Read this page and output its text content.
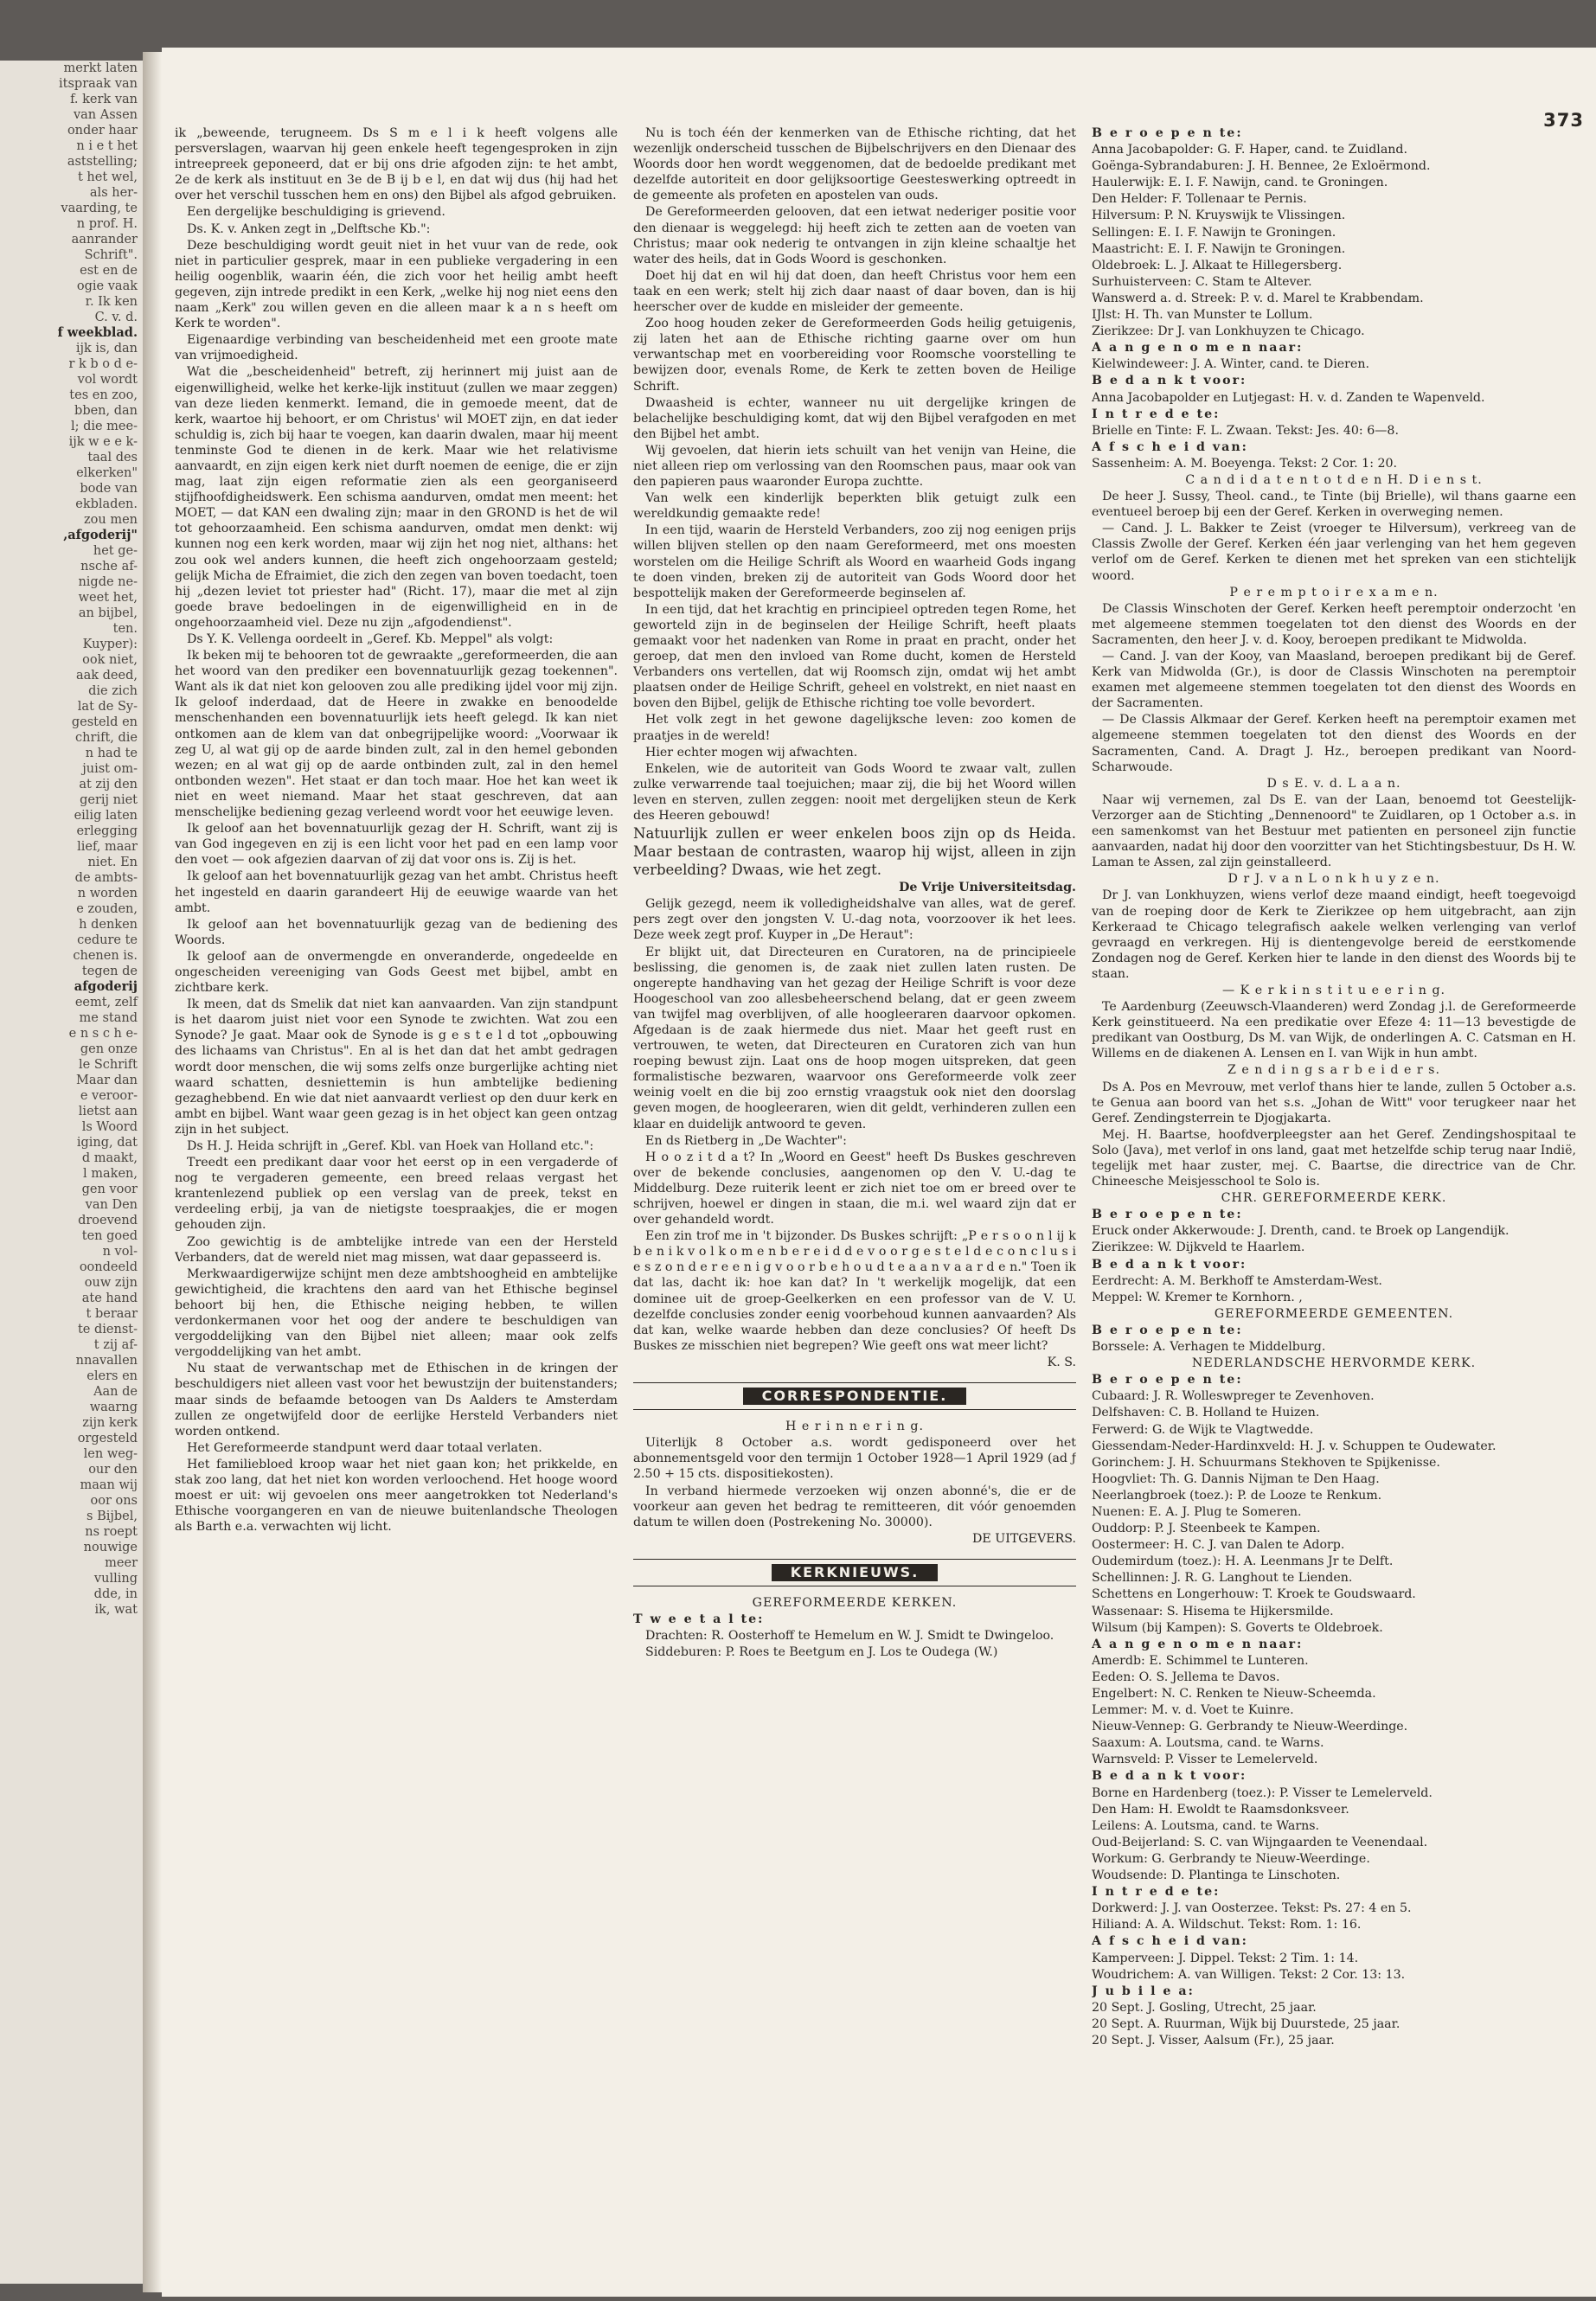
merkt laten

itspraak van

f. kerk van

van Assen

onder haar

n i e t het

aststelling;

t het wel,

als her-

vaarding, te

n prof. H.

aanrander

Schrift".

est en de

ogie vaak

r. Ik ken

C. v. d.

f weekblad.

ijk is, dan

r k b o d e-

vol wordt

tes en zoo,

bben, dan

l; die mee-

ijk w e e k-

taal des

elkerken"

bode van

ekbladen.

zou men

,afgoderij"

het ge-

nsche af-

nigde ne-

weet het,

an bijbel,

ten.

Kuyper):

ook niet,

aak deed,

die zich

lat de Sy-

gesteld en

chrift, die

n had te

juist om-

at zij den

gerij niet

eilig laten

erlegging

lief, maar

niet. En

de ambts-

n worden

e zouden,

h denken

cedure te

chenen is.

tegen de

afgoderij

eemt, zelf

me stand

e n s c h e-

gen onze

le Schrift

Maar dan

e veroor-

lietst aan

ls Woord

iging, dat

d maakt,

l maken,

gen voor

van Den

droevend

ten goed

n vol-

oondeeld

ouw zijn

ate hand

t beraar

te dienst-

t zij af-

nnavallen

elers en

Aan de

waarng

zijn kerk

orgesteld

len weg-

our den

maan wij

oor ons

s Bijbel,

ns roept

nouwige

meer

vulling

dde, in

ik, wat

373

ik „beweende, terugneem. Ds S m e l i k heeft volgens alle persverslagen, waarvan hij geen enkele heeft tegengesproken in zijn intreepreek geponeerd, dat er bij ons drie afgoden zijn: te het ambt, 2e de kerk als instituut en 3e de B ij b e l, en dat wij dus (hij had het over het verschil tusschen hem en ons) den Bijbel als afgod gebruiken.

Een dergelijke beschuldiging is grievend.

Ds. K. v. Anken zegt in „Delftsche Kb.":

Deze beschuldiging wordt geuit niet in het vuur van de rede, ook niet in particulier gesprek, maar in een publieke vergadering in een heilig oogenblik, waarin één, die zich voor het heilig ambt heeft gegeven, zijn intrede predikt in een Kerk, „welke hij nog niet eens den naam „Kerk" zou willen geven en die alleen maar k a n s heeft om Kerk te worden".

Eigenaardige verbinding van bescheidenheid met een groote mate van vrijmoedigheid.

Wat die „bescheidenheid" betreft, zij herinnert mij juist aan de eigenwilligheid, welke het kerke-lijk instituut (zullen we maar zeggen) van deze lieden kenmerkt. Iemand, die in gemoede meent, dat de kerk, waartoe hij behoort, er om Christus' wil MOET zijn, en dat ieder schuldig is, zich bij haar te voegen, kan daarin dwalen, maar hij meent tenminste God te dienen in de kerk. Maar wie het relativisme aanvaardt, en zijn eigen kerk niet durft noemen de eenige, die er zijn mag, laat zijn eigen reformatie zien als een georganiseerd stijfhoofdigheidswerk. Een schisma aandurven, omdat men meent: het MOET, — dat KAN een dwaling zijn; maar in den GROND is het de wil tot gehoorzaamheid. Een schisma aandurven, omdat men denkt: wij kunnen nog een kerk worden, maar wij zijn het nog niet, althans: het zou ook wel anders kunnen, die heeft zich ongehoorzaam gesteld; gelijk Micha de Efraimiet, die zich den zegen van boven toedacht, toen hij „dezen leviet tot priester had" (Richt. 17), maar die met al zijn goede brave bedoelingen in de eigenwilligheid en in de ongehoorzaamheid viel. Deze nu zijn „afgodendienst".

Ds Y. K. Vellenga oordeelt in „Geref. Kb. Meppel" als volgt:

Ik beken mij te behooren tot de gewraakte „gereformeerden, die aan het woord van den prediker een bovennatuurlijk gezag toekennen". Want als ik dat niet kon gelooven zou alle prediking ijdel voor mij zijn. Ik geloof inderdaad, dat de Heere in zwakke en benoodelde menschenhanden een bovennatuurlijk iets heeft gelegd. Ik kan niet ontkomen aan de klem van dat onbegrijpelijke woord: „Voorwaar ik zeg U, al wat gij op de aarde binden zult, zal in den hemel gebonden wezen; en al wat gij op de aarde ontbinden zult, zal in den hemel ontbonden wezen". Het staat er dan toch maar. Hoe het kan weet ik niet en weet niemand. Maar het staat geschreven, dat aan menschelijke bediening gezag verleend wordt voor het eeuwige leven.

Ik geloof aan het bovennatuurlijk gezag der H. Schrift, want zij is van God ingegeven en zij is een licht voor het pad en een lamp voor den voet — ook afgezien daarvan of zij dat voor ons is. Zij is het.

Ik geloof aan het bovennatuurlijk gezag van het ambt. Christus heeft het ingesteld en daarin garandeert Hij de eeuwige waarde van het ambt.

Ik geloof aan het bovennatuurlijk gezag van de bediening des Woords.

Ik geloof aan de onvermengde en onveranderde, ongedeelde en ongescheiden vereeniging van Gods Geest met bijbel, ambt en zichtbare kerk.

Ik meen, dat ds Smelik dat niet kan aanvaarden. Van zijn standpunt is het daarom juist niet voor een Synode te zwichten. Wat zou een Synode? Je gaat. Maar ook de Synode is g e s t e l d tot „opbouwing des lichaams van Christus". En al is het dan dat het ambt gedragen wordt door menschen, die wij soms zelfs onze burgerlijke achting niet waard schatten, desniettemin is hun ambtelijke bediening gezaghebbend. En wie dat niet aanvaardt verliest op den duur kerk en ambt en bijbel. Want waar geen gezag is in het object kan geen ontzag zijn in het subject.

Ds H. J. Heida schrijft in „Geref. Kbl. van Hoek van Holland etc.":

Treedt een predikant daar voor het eerst op in een vergaderde of nog te vergaderen gemeente, een breed relaas vergast het krantenlezend publiek op een verslag van de preek, tekst en verdeeling erbij, ja van de nietigste toespraakjes, die er mogen gehouden zijn.

Zoo gewichtig is de ambtelijke intrede van een der Hersteld Verbanders, dat de wereld niet mag missen, wat daar gepasseerd is.

Merkwaardigerwijze schijnt men deze ambtshoogheid en ambtelijke gewichtigheid, die krachtens den aard van het Ethische beginsel behoort bij hen, die Ethische neiging hebben, te willen verdonkermanen voor het oog der andere te beschuldigen van vergoddelijking van den Bijbel niet alleen; maar ook zelfs vergoddelijking van het ambt.

Nu staat de verwantschap met de Ethischen in de kringen der beschuldigers niet alleen vast voor het bewustzijn der buitenstanders; maar sinds de befaamde betoogen van Ds Aalders te Amsterdam zullen ze ongetwijfeld door de eerlijke Hersteld Verbanders niet worden ontkend.

Het Gereformeerde standpunt werd daar totaal verlaten.

Het familiebloed kroop waar het niet gaan kon; het prikkelde, en stak zoo lang, dat het niet kon worden verloochend. Het hooge woord moest er uit: wij gevoelen ons meer aangetrokken tot Nederland's Ethische voorgangeren en van de nieuwe buitenlandsche Theologen als Barth e.a. verwachten wij licht.

Nu is toch één der kenmerken van de Ethische richting, dat het wezenlijk onderscheid tusschen de Bijbelschrijvers en den Dienaar des Woords door hen wordt weggenomen, dat de bedoelde predikant met dezelfde autoriteit en door gelijksoortige Geesteswerking optreedt in de gemeente als profeten en apostelen van ouds.

De Gereformeerden gelooven, dat een ietwat nederiger positie voor den dienaar is weggelegd: hij heeft zich te zetten aan de voeten van Christus; maar ook nederig te ontvangen in zijn kleine schaaltje het water des heils, dat in Gods Woord is geschonken.

Doet hij dat en wil hij dat doen, dan heeft Christus voor hem een taak en een werk; stelt hij zich daar naast of daar boven, dan is hij heerscher over de kudde en misleider der gemeente.

Zoo hoog houden zeker de Gereformeerden Gods heilig getuigenis, zij laten het aan de Ethische richting gaarne over om hun verwantschap met en voorbereiding voor Roomsche voorstelling te bewijzen door, evenals Rome, de Kerk te zetten boven de Heilige Schrift.

Dwaasheid is echter, wanneer nu uit dergelijke kringen de belachelijke beschuldiging komt, dat wij den Bijbel verafgoden en met den Bijbel het ambt.

Wij gevoelen, dat hierin iets schuilt van het venijn van Heine, die niet alleen riep om verlossing van den Roomschen paus, maar ook van den papieren paus waaronder Europa zuchtte.

Van welk een kinderlijk beperkten blik getuigt zulk een wereldkundig gemaakte rede!

In een tijd, waarin de Hersteld Verbanders, zoo zij nog eenigen prijs willen blijven stellen op den naam Gereformeerd, met ons moesten worstelen om die Heilige Schrift als Woord en waarheid Gods ingang te doen vinden, breken zij de autoriteit van Gods Woord door het bespottelijk maken der Gereformeerde beginselen af.

In een tijd, dat het krachtig en principieel optreden tegen Rome, het geworteld zijn in de beginselen der Heilige Schrift, heeft plaats gemaakt voor het nadenken van Rome in praat en pracht, onder het geroep, dat men den invloed van Rome ducht, komen de Hersteld Verbanders ons vertellen, dat wij Roomsch zijn, omdat wij het ambt plaatsen onder de Heilige Schrift, geheel en volstrekt, en niet naast en boven den Bijbel, gelijk de Ethische richting toe volle bevordert.

Het volk zegt in het gewone dagelijksche leven: zoo komen de praatjes in de wereld!

Hier echter mogen wij afwachten.

Enkelen, wie de autoriteit van Gods Woord te zwaar valt, zullen zulke verwarrende taal toejuichen; maar zij, die bij het Woord willen leven en sterven, zullen zeggen: nooit met dergelijken steun de Kerk des Heeren gebouwd!

Natuurlijk zullen er weer enkelen boos zijn op ds Heida. Maar bestaan de contrasten, waarop hij wijst, alleen in zijn verbeelding? Dwaas, wie het zegt.

De Vrije Universiteitsdag.

Gelijk gezegd, neem ik volledigheidshalve van alles, wat de geref. pers zegt over den jongsten V. U.-dag nota, voorzoover ik het lees. Deze week zegt prof. Kuyper in „De Heraut":

Er blijkt uit, dat Directeuren en Curatoren, na de principieele beslissing, die genomen is, de zaak niet zullen laten rusten. De ongerepte handhaving van het gezag der Heilige Schrift is voor deze Hoogeschool van zoo allesbeheerschend belang, dat er geen zweem van twijfel mag overblijven, of alle hoogleeraren daarvoor opkomen. Afgedaan is de zaak hiermede dus niet. Maar het geeft rust en vertrouwen, te weten, dat Directeuren en Curatoren zich van hun roeping bewust zijn. Laat ons de hoop mogen uitspreken, dat geen formalistische bezwaren, waarvoor ons Gereformeerde volk zeer weinig voelt en die bij zoo ernstig vraagstuk ook niet den doorslag geven mogen, de hoogleeraren, wien dit geldt, verhinderen zullen een klaar en duidelijk antwoord te geven.

En ds Rietberg in „De Wachter":

H o o z i t d a t? In „Woord en Geest" heeft Ds Buskes geschreven over de bekende conclusies, aangenomen op den V. U.-dag te Middelburg. Deze ruiterik leent er zich niet toe om er breed over te schrijven, hoewel er dingen in staan, die m.i. wel waard zijn dat er over gehandeld wordt.

Een zin trof me in 't bijzonder. Ds Buskes schrijft: „P e r s o o n l ij k b e n i k v o l k o m e n b e r e i d d e v o o r g e s t e l d e c o n c l u s i e s z o n d e r e e n i g v o o r b e h o u d t e a a n v a a r d e n." Toen ik dat las, dacht ik: hoe kan dat? In 't werkelijk mogelijk, dat een dominee uit de groep-Geelkerken en een professor van de V. U. dezelfde conclusies zonder eenig voorbehoud kunnen aanvaarden? Als dat kan, welke waarde hebben dan deze conclusies? Of heeft Ds Buskes ze misschien niet begrepen? Wie geeft ons wat meer licht?

K. S.

CORRESPONDENTIE.

H e r i n n e r i n g.

Uiterlijk 8 October a.s. wordt gedisponeerd over het abonnementsgeld voor den termijn 1 October 1928—1 April 1929 (ad ƒ 2.50 + 15 cts. dispositiekosten).

In verband hiermede verzoeken wij onzen abonné's, die er de voorkeur aan geven het bedrag te remitteeren, dit vóór genoemden datum te willen doen (Postrekening No. 30000).

DE UITGEVERS.

KERKNIEUWS.

GEREFORMEERDE KERKEN.

T w e e t a l te:

Drachten: R. Oosterhoff te Hemelum en W. J. Smidt te Dwingeloo.

Siddeburen: P. Roes te Beetgum en J. Los te Oudega (W.)

B e r o e p e n te:

Anna Jacobapolder: G. F. Haper, cand. te Zuidland.

Goënga-Sybrandaburen: J. H. Bennee, 2e Exloërmond.

Haulerwijk: E. I. F. Nawijn, cand. te Groningen.

Den Helder: F. Tollenaar te Pernis.

Hilversum: P. N. Kruyswijk te Vlissingen.

Sellingen: E. I. F. Nawijn te Groningen.

Maastricht: E. I. F. Nawijn te Groningen.

Oldebroek: L. J. Alkaat te Hillegersberg.

Surhuisterveen: C. Stam te Altever.

Wanswerd a. d. Streek: P. v. d. Marel te Krabbendam.

IJlst: H. Th. van Munster te Lollum.

Zierikzee: Dr J. van Lonkhuyzen te Chicago.

A a n g e n o m e n naar:

Kielwindeweer: J. A. Winter, cand. te Dieren.

B e d a n k t voor:

Anna Jacobapolder en Lutjegast: H. v. d. Zanden te Wapenveld.

I n t r e d e te:

Brielle en Tinte: F. L. Zwaan. Tekst: Jes. 40: 6—8.

A f s c h e i d van:

Sassenheim: A. M. Boeyenga. Tekst: 2 Cor. 1: 20.

C a n d i d a t e n t o t d e n H. D i e n s t.

De heer J. Sussy, Theol. cand., te Tinte (bij Brielle), wil thans gaarne een eventueel beroep bij een der Geref. Kerken in overweging nemen.

— Cand. J. L. Bakker te Zeist (vroeger te Hilversum), verkreeg van de Classis Zwolle der Geref. Kerken één jaar verlenging van het hem gegeven verlof om de Geref. Kerken te dienen met het spreken van een stichtelijk woord.

P e r e m p t o i r e x a m e n.

De Classis Winschoten der Geref. Kerken heeft peremptoir onderzocht 'en met algemeene stemmen toegelaten tot den dienst des Woords en der Sacramenten, den heer J. v. d. Kooy, beroepen predikant te Midwolda.

— Cand. J. van der Kooy, van Maasland, beroepen predikant bij de Geref. Kerk van Midwolda (Gr.), is door de Classis Winschoten na peremptoir examen met algemeene stemmen toegelaten tot den dienst des Woords en der Sacramenten.

— De Classis Alkmaar der Geref. Kerken heeft na peremptoir examen met algemeene stemmen toegelaten tot den dienst des Woords en der Sacramenten, Cand. A. Dragt J. Hz., beroepen predikant van Noord-Scharwoude.

D s E. v. d. L a a n.

Naar wij vernemen, zal Ds E. van der Laan, benoemd tot Geestelijk-Verzorger aan de Stichting „Dennenoord" te Zuidlaren, op 1 October a.s. in een samenkomst van het Bestuur met patienten en personeel zijn functie aanvaarden, nadat hij door den voorzitter van het Stichtingsbestuur, Ds H. W. Laman te Assen, zal zijn geinstalleerd.

D r J. v a n L o n k h u y z e n.

Dr J. van Lonkhuyzen, wiens verlof deze maand eindigt, heeft toegevoigd van de roeping door de Kerk te Zierikzee op hem uitgebracht, aan zijn Kerkeraad te Chicago telegrafisch aakele welken verlenging van verlof gevraagd en verkregen. Hij is dientengevolge bereid de eerstkomende Zondagen nog de Geref. Kerken hier te lande in den dienst des Woords bij te staan.

— K e r k i n s t i t u e e r i n g.

Te Aardenburg (Zeeuwsch-Vlaanderen) werd Zondag j.l. de Gereformeerde Kerk geinstitueerd. Na een predikatie over Efeze 4: 11—13 bevestigde de predikant van Oostburg, Ds M. van Wijk, de onderlingen A. C. Catsman en H. Willems en de diakenen A. Lensen en I. van Wijk in hun ambt.

Z e n d i n g s a r b e i d e r s.

Ds A. Pos en Mevrouw, met verlof thans hier te lande, zullen 5 October a.s. te Genua aan boord van het s.s. „Johan de Witt" voor terugkeer naar het Geref. Zendingsterrein te Djogjakarta.

Mej. H. Baartse, hoofdverpleegster aan het Geref. Zendingshospitaal te Solo (Java), met verlof in ons land, gaat met hetzelfde schip terug naar Indië, tegelijk met haar zuster, mej. C. Baartse, die directrice van de Chr. Chineesche Meisjesschool te Solo is.

CHR. GEREFORMEERDE KERK.

B e r o e p e n te:

Eruck onder Akkerwoude: J. Drenth, cand. te Broek op Langendijk.

Zierikzee: W. Dijkveld te Haarlem.

B e d a n k t voor:

Eerdrecht: A. M. Berkhoff te Amsterdam-West.

Meppel: W. Kremer te Kornhorn. ,

GEREFORMEERDE GEMEENTEN.

B e r o e p e n te:

Borssele: A. Verhagen te Middelburg.

NEDERLANDSCHE HERVORMDE KERK.

B e r o e p e n te:

Cubaard: J. R. Wolleswpreger te Zevenhoven.

Delfshaven: C. B. Holland te Huizen.

Ferwerd: G. de Wijk te Vlagtwedde.

Giessendam-Neder-Hardinxveld: H. J. v. Schuppen te Oudewater.

Gorinchem: J. H. Schuurmans Stekhoven te Spijkenisse.

Hoogvliet: Th. G. Dannis Nijman te Den Haag.

Neerlangbroek (toez.): P. de Looze te Renkum.

Nuenen: E. A. J. Plug te Someren.

Ouddorp: P. J. Steenbeek te Kampen.

Oostermeer: H. C. J. van Dalen te Adorp.

Oudemirdum (toez.): H. A. Leenmans Jr te Delft.

Schellinnen: J. R. G. Langhout te Lienden.

Schettens en Longerhouw: T. Kroek te Goudswaard.

Wassenaar: S. Hisema te Hijkersmilde.

Wilsum (bij Kampen): S. Goverts te Oldebroek.

A a n g e n o m e n naar:

Amerdb: E. Schimmel te Lunteren.

Eeden: O. S. Jellema te Davos.

Engelbert: N. C. Renken te Nieuw-Scheemda.

Lemmer: M. v. d. Voet te Kuinre.

Nieuw-Vennep: G. Gerbrandy te Nieuw-Weerdinge.

Saaxum: A. Loutsma, cand. te Warns.

Warnsveld: P. Visser te Lemelerveld.

B e d a n k t voor:

Borne en Hardenberg (toez.): P. Visser te Lemelerveld.

Den Ham: H. Ewoldt te Raamsdonksveer.

Leilens: A. Loutsma, cand. te Warns.

Oud-Beijerland: S. C. van Wijngaarden te Veenendaal.

Workum: G. Gerbrandy te Nieuw-Weerdinge.

Woudsende: D. Plantinga te Linschoten.

I n t r e d e te:

Dorkwerd: J. J. van Oosterzee. Tekst: Ps. 27: 4 en 5.

Hiliand: A. A. Wildschut. Tekst: Rom. 1: 16.

A f s c h e i d van:

Kamperveen: J. Dippel. Tekst: 2 Tim. 1: 14.

Woudrichem: A. van Willigen. Tekst: 2 Cor. 13: 13.

J u b i l e a:

20 Sept. J. Gosling, Utrecht, 25 jaar.

20 Sept. A. Ruurman, Wijk bij Duurstede, 25 jaar.

20 Sept. J. Visser, Aalsum (Fr.), 25 jaar.
